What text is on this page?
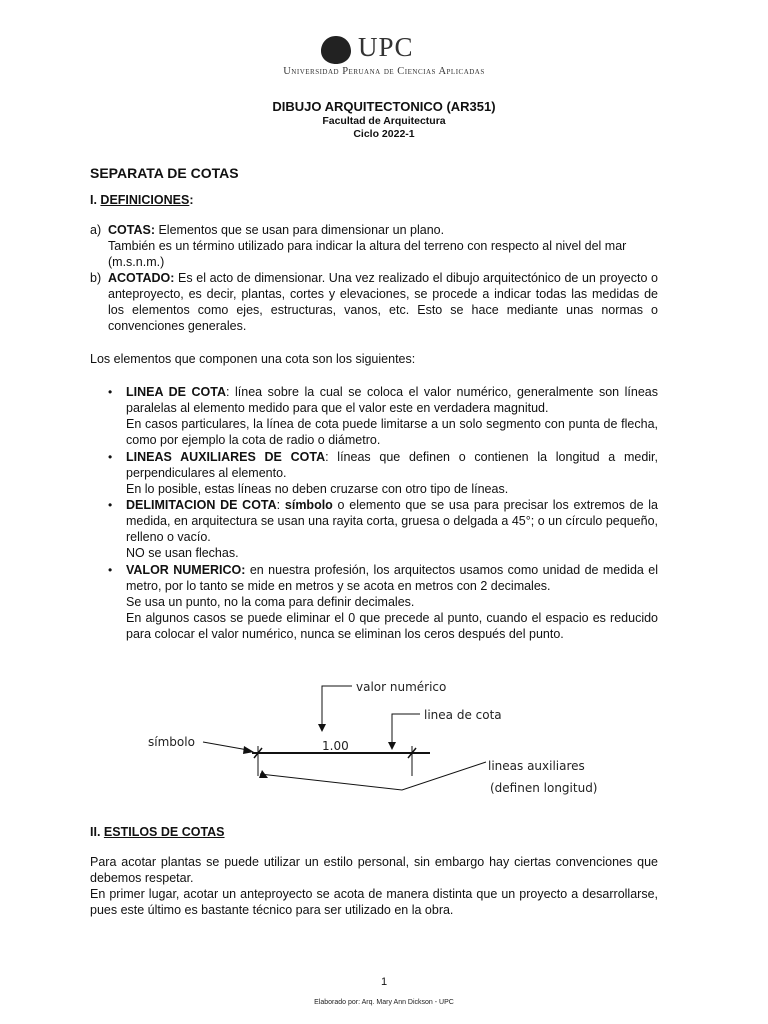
UPC
Universidad Peruana de Ciencias Aplicadas
DIBUJO ARQUITECTONICO (AR351)
Facultad de Arquitectura
Ciclo 2022-1
SEPARATA DE COTAS
I. DEFINICIONES:
a) COTAS: Elementos que se usan para dimensionar un plano.
También es un término utilizado para indicar la altura del terreno con respecto al nivel del mar (m.s.n.m.)
b) ACOTADO: Es el acto de dimensionar. Una vez realizado el dibujo arquitectónico de un proyecto o anteproyecto, es decir, plantas, cortes y elevaciones, se procede a indicar todas las medidas de los elementos como ejes, estructuras, vanos, etc. Esto se hace mediante unas normas o convenciones generales.
Los elementos que componen una cota son los siguientes:
• LINEA DE COTA: línea sobre la cual se coloca el valor numérico, generalmente son líneas paralelas al elemento medido para que el valor este en verdadera magnitud.
En casos particulares, la línea de cota puede limitarse a un solo segmento con punta de flecha, como por ejemplo la cota de radio o diámetro.
• LINEAS AUXILIARES DE COTA: líneas que definen o contienen la longitud a medir, perpendiculares al elemento.
En lo posible, estas líneas no deben cruzarse con otro tipo de líneas.
• DELIMITACION DE COTA: símbolo o elemento que se usa para precisar los extremos de la medida, en arquitectura se usan una rayita corta, gruesa o delgada a 45°; o un círculo pequeño, relleno o vacío.
NO se usan flechas.
• VALOR NUMERICO: en nuestra profesión, los arquitectos usamos como unidad de medida el metro, por lo tanto se mide en metros y se acota en metros con 2 decimales.
Se usa un punto, no la coma para definir decimales.
En algunos casos se puede eliminar el 0 que precede al punto, cuando el espacio es reducido para colocar el valor numérico, nunca se eliminan los ceros después del punto.
valor numérico
linea de cota
símbolo	1.00
lineas auxiliares
(definen longitud)
II. ESTILOS DE COTAS
Para acotar plantas se puede utilizar un estilo personal, sin embargo hay ciertas convenciones que debemos respetar.
En primer lugar, acotar un anteproyecto se acota de manera distinta que un proyecto a desarrollarse, pues este último es bastante técnico para ser utilizado en la obra.
1
Elaborado por: Arq. Mary Ann Dickson - UPC
